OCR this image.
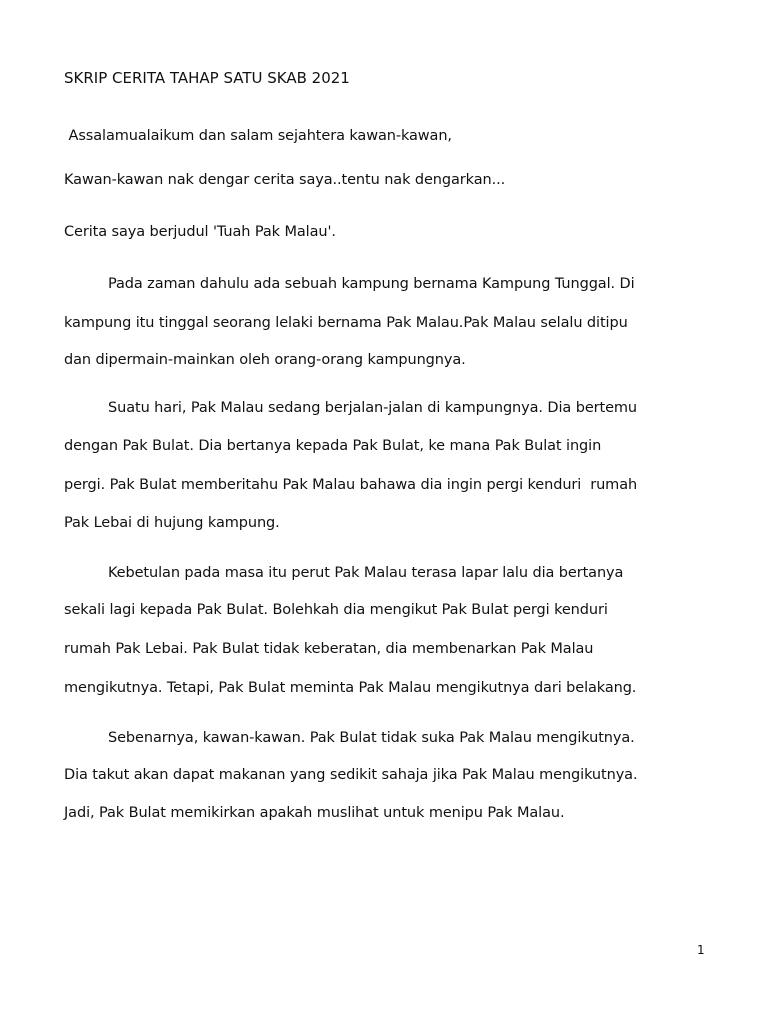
SKRIP CERITA TAHAP SATU SKAB 2021

Assalamualaikum dan salam sejahtera kawan-kawan,

Kawan-kawan nak dengar cerita saya..tentu nak dengarkan...

Cerita saya berjudul 'Tuah Pak Malau'.

Pada zaman dahulu ada sebuah kampung bernama Kampung Tunggal. Di

kampung itu tinggal seorang lelaki bernama Pak Malau.Pak Malau selalu ditipu

dan dipermain-mainkan oleh orang-orang kampungnya.

Suatu hari, Pak Malau sedang berjalan-jalan di kampungnya. Dia bertemu

dengan Pak Bulat. Dia bertanya kepada Pak Bulat, ke mana Pak Bulat ingin

pergi. Pak Bulat memberitahu Pak Malau bahawa dia ingin pergi kenduri  rumah

Pak Lebai di hujung kampung.

Kebetulan pada masa itu perut Pak Malau terasa lapar lalu dia bertanya

sekali lagi kepada Pak Bulat. Bolehkah dia mengikut Pak Bulat pergi kenduri

rumah Pak Lebai. Pak Bulat tidak keberatan, dia membenarkan Pak Malau

mengikutnya. Tetapi, Pak Bulat meminta Pak Malau mengikutnya dari belakang.

Sebenarnya, kawan-kawan. Pak Bulat tidak suka Pak Malau mengikutnya.

Dia takut akan dapat makanan yang sedikit sahaja jika Pak Malau mengikutnya.

Jadi, Pak Bulat memikirkan apakah muslihat untuk menipu Pak Malau.

1
